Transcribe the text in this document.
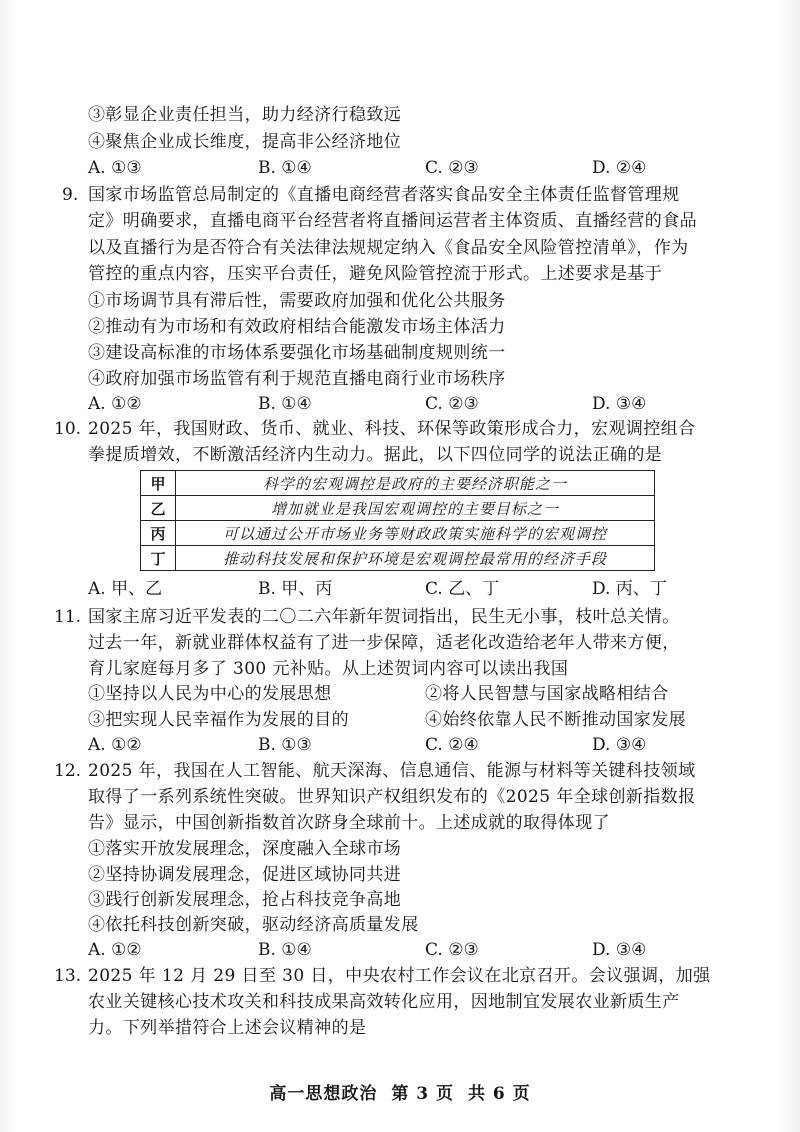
③彰显企业责任担当，助力经济行稳致远
④聚焦企业成长维度，提高非公经济地位
A. ①③	B. ①④	C. ②③	D. ②④
9. 国家市场监管总局制定的《直播电商经营者落实食品安全主体责任监督管理规
定》明确要求，直播电商平台经营者将直播间运营者主体资质、直播经营的食品
以及直播行为是否符合有关法律法规规定纳入《食品安全风险管控清单》，作为
管控的重点内容，压实平台责任，避免风险管控流于形式。上述要求是基于
①市场调节具有滞后性，需要政府加强和优化公共服务
②推动有为市场和有效政府相结合能激发市场主体活力
③建设高标准的市场体系要强化市场基础制度规则统一
④政府加强市场监管有利于规范直播电商行业市场秩序
A. ①②	B. ①④	C. ②③	D. ③④
10. 2025 年，我国财政、货币、就业、科技、环保等政策形成合力，宏观调控组合
拳提质增效，不断激活经济内生动力。据此，以下四位同学的说法正确的是
甲	科学的宏观调控是政府的主要经济职能之一
乙	增加就业是我国宏观调控的主要目标之一
丙	可以通过公开市场业务等财政政策实施科学的宏观调控
丁	推动科技发展和保护环境是宏观调控最常用的经济手段
A. 甲、乙	B. 甲、丙	C. 乙、丁	D. 丙、丁
11. 国家主席习近平发表的二〇二六年新年贺词指出，民生无小事，枝叶总关情。
过去一年，新就业群体权益有了进一步保障，适老化改造给老年人带来方便，
育儿家庭每月多了 300 元补贴。从上述贺词内容可以读出我国
①坚持以人民为中心的发展思想	②将人民智慧与国家战略相结合
③把实现人民幸福作为发展的目的	④始终依靠人民不断推动国家发展
A. ①②	B. ①③	C. ②④	D. ③④
12. 2025 年，我国在人工智能、航天深海、信息通信、能源与材料等关键科技领域
取得了一系列系统性突破。世界知识产权组织发布的《2025 年全球创新指数报
告》显示，中国创新指数首次跻身全球前十。上述成就的取得体现了
①落实开放发展理念，深度融入全球市场
②坚持协调发展理念，促进区域协同共进
③践行创新发展理念，抢占科技竞争高地
④依托科技创新突破，驱动经济高质量发展
A. ①②	B. ①④	C. ②③	D. ③④
13. 2025 年 12 月 29 日至 30 日，中央农村工作会议在北京召开。会议强调，加强
农业关键核心技术攻关和科技成果高效转化应用，因地制宜发展农业新质生产
力。下列举措符合上述会议精神的是
高一思想政治 第 3 页 共 6 页
